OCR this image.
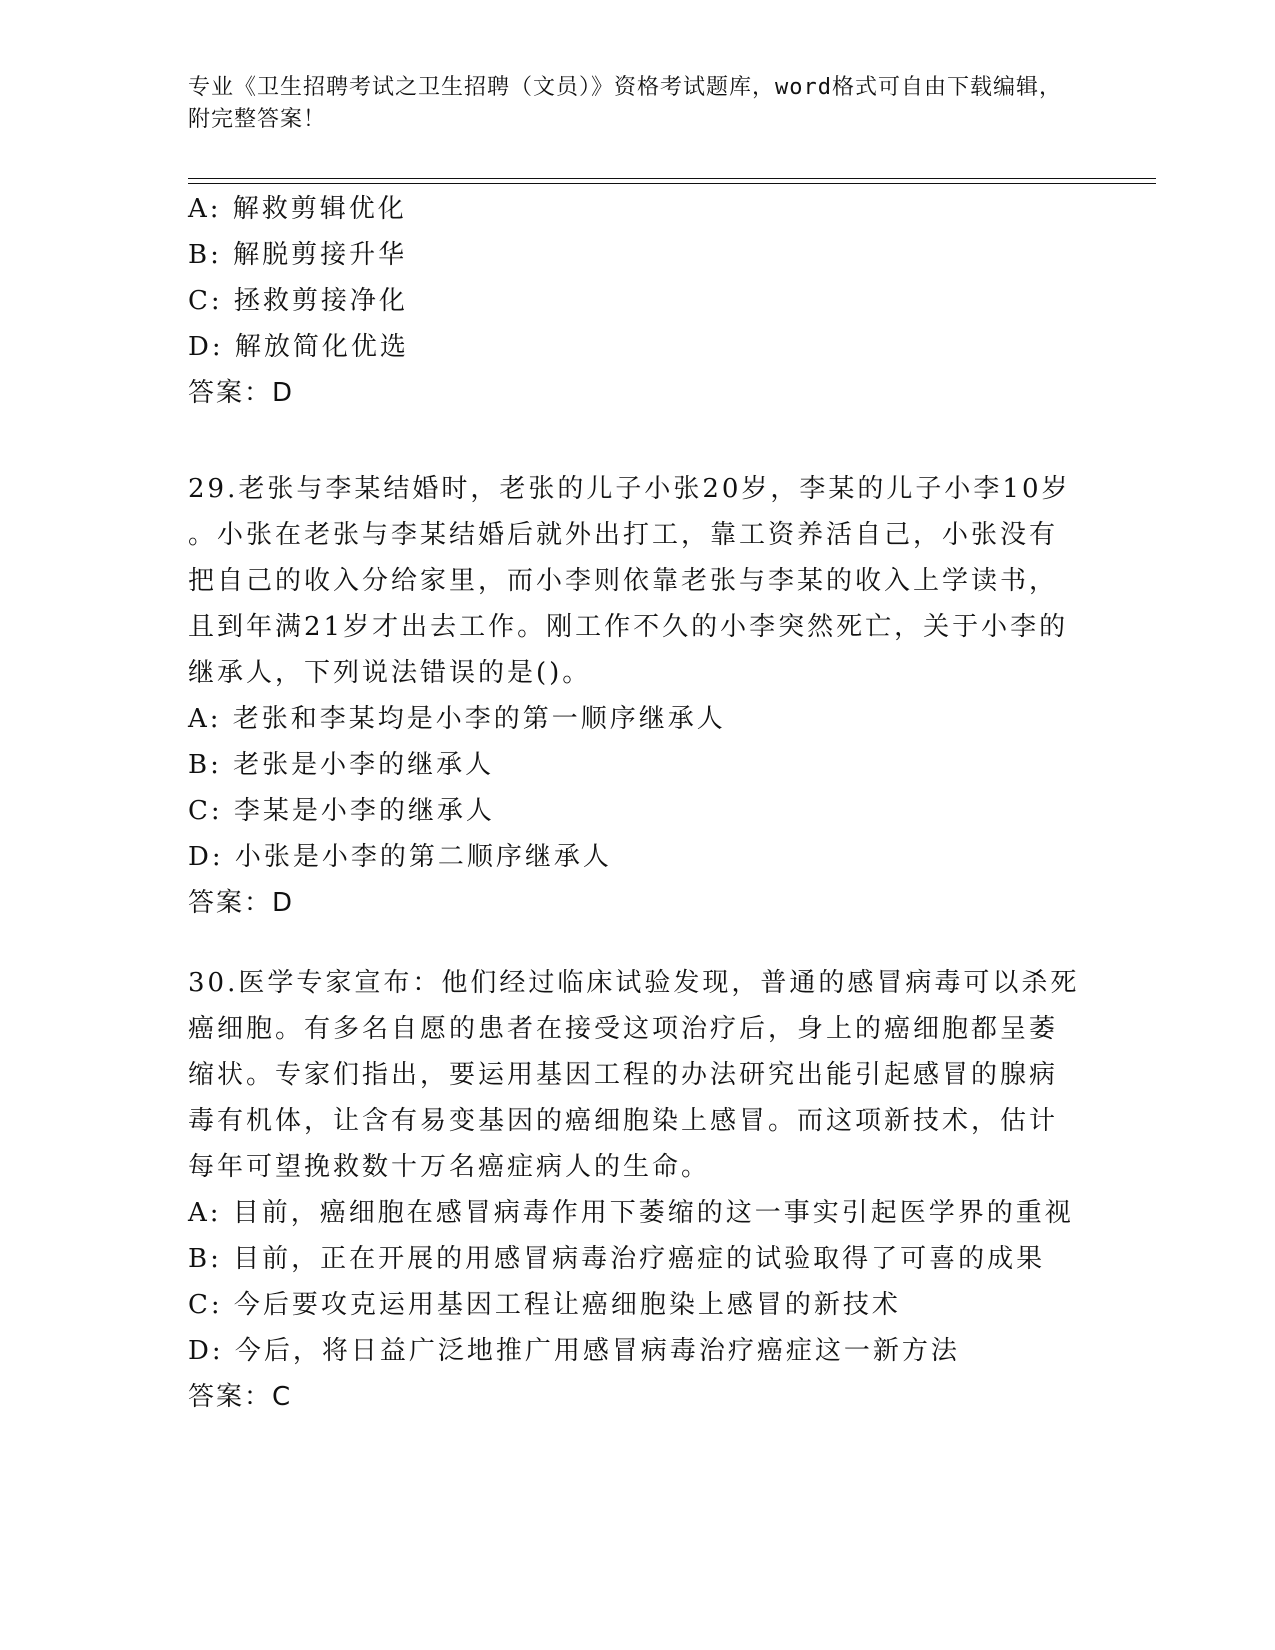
专业《卫生招聘考试之卫生招聘（文员）》资格考试题库，word格式可自由下载编辑，附完整答案！
A: 解救剪辑优化
B: 解脱剪接升华
C: 拯救剪接净化
D: 解放简化优选
答案：D
29.老张与李某结婚时，老张的儿子小张20岁，李某的儿子小李10岁
。小张在老张与李某结婚后就外出打工，靠工资养活自己，小张没有
把自己的收入分给家里，而小李则依靠老张与李某的收入上学读书，
且到年满21岁才出去工作。刚工作不久的小李突然死亡，关于小李的
继承人，下列说法错误的是()。
A: 老张和李某均是小李的第一顺序继承人
B: 老张是小李的继承人
C: 李某是小李的继承人
D: 小张是小李的第二顺序继承人
答案：D
30.医学专家宣布：他们经过临床试验发现，普通的感冒病毒可以杀死
癌细胞。有多名自愿的患者在接受这项治疗后，身上的癌细胞都呈萎
缩状。专家们指出，要运用基因工程的办法研究出能引起感冒的腺病
毒有机体，让含有易变基因的癌细胞染上感冒。而这项新技术，估计
每年可望挽救数十万名癌症病人的生命。
A: 目前，癌细胞在感冒病毒作用下萎缩的这一事实引起医学界的重视
B: 目前，正在开展的用感冒病毒治疗癌症的试验取得了可喜的成果
C: 今后要攻克运用基因工程让癌细胞染上感冒的新技术
D: 今后，将日益广泛地推广用感冒病毒治疗癌症这一新方法
答案：C
